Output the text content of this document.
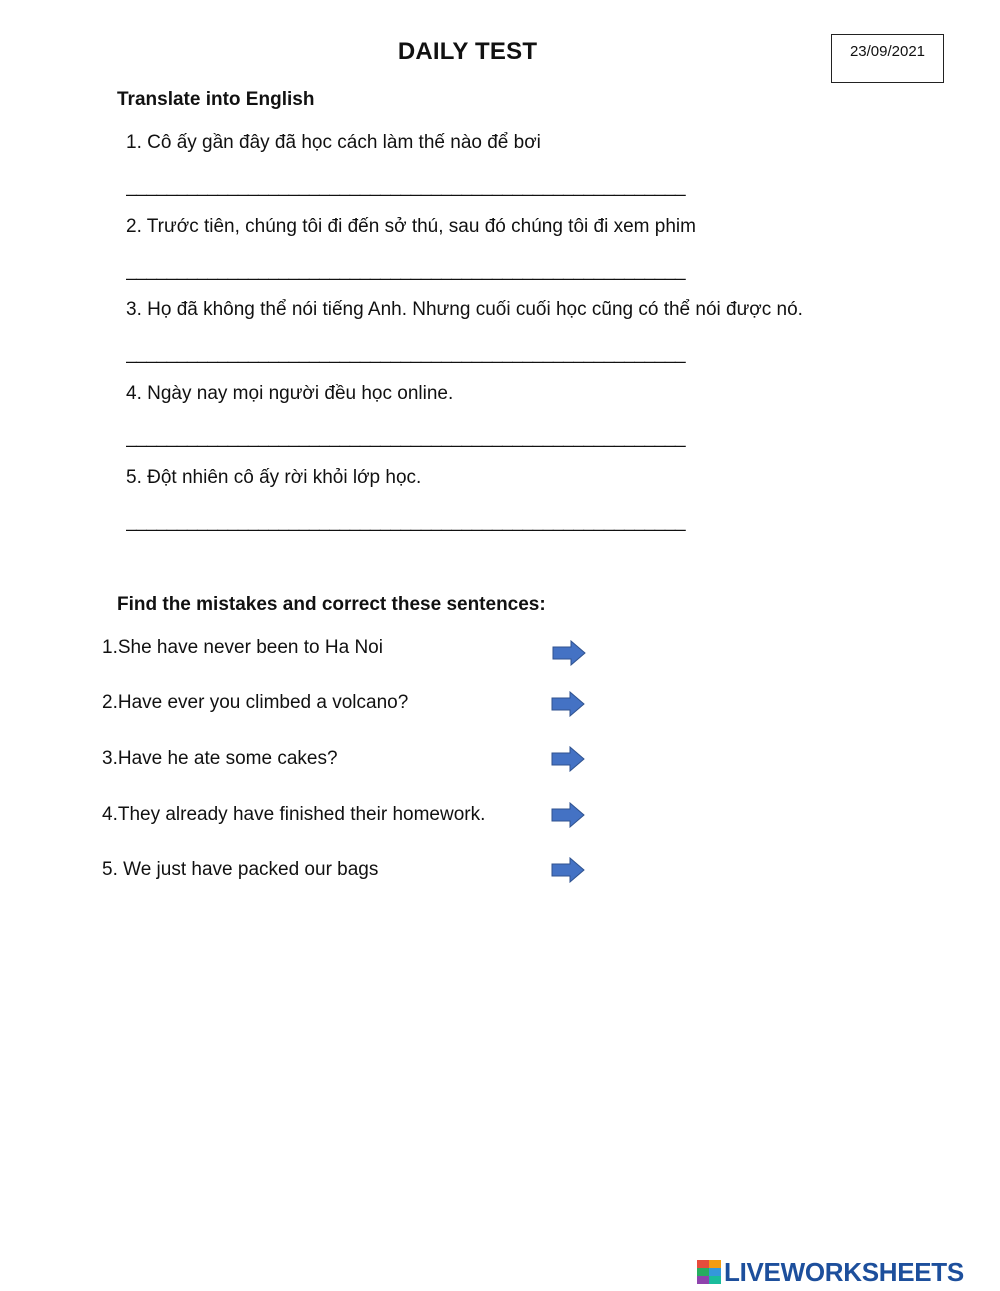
DAILY TEST	23/09/2021
Translate into English
1. Cô ấy gần đây đã học cách làm thế nào để bơi
_______________________________________________________
2. Trước tiên, chúng tôi đi đến sở thú, sau đó chúng tôi đi xem phim
_______________________________________________________
3. Họ đã không thể nói tiếng Anh. Nhưng cuối cuối học cũng có thể nói được nó.
_______________________________________________________
4. Ngày nay mọi người đều học online.
_______________________________________________________
5. Đột nhiên cô ấy rời khỏi lớp học.
_______________________________________________________
Find the mistakes and correct these sentences:
1.She have never been to Ha Noi
2.Have ever you climbed a volcano?
3.Have he ate some cakes?
4.They already have finished their homework.
5. We just have packed our bags
LIVEWORKSHEETS
